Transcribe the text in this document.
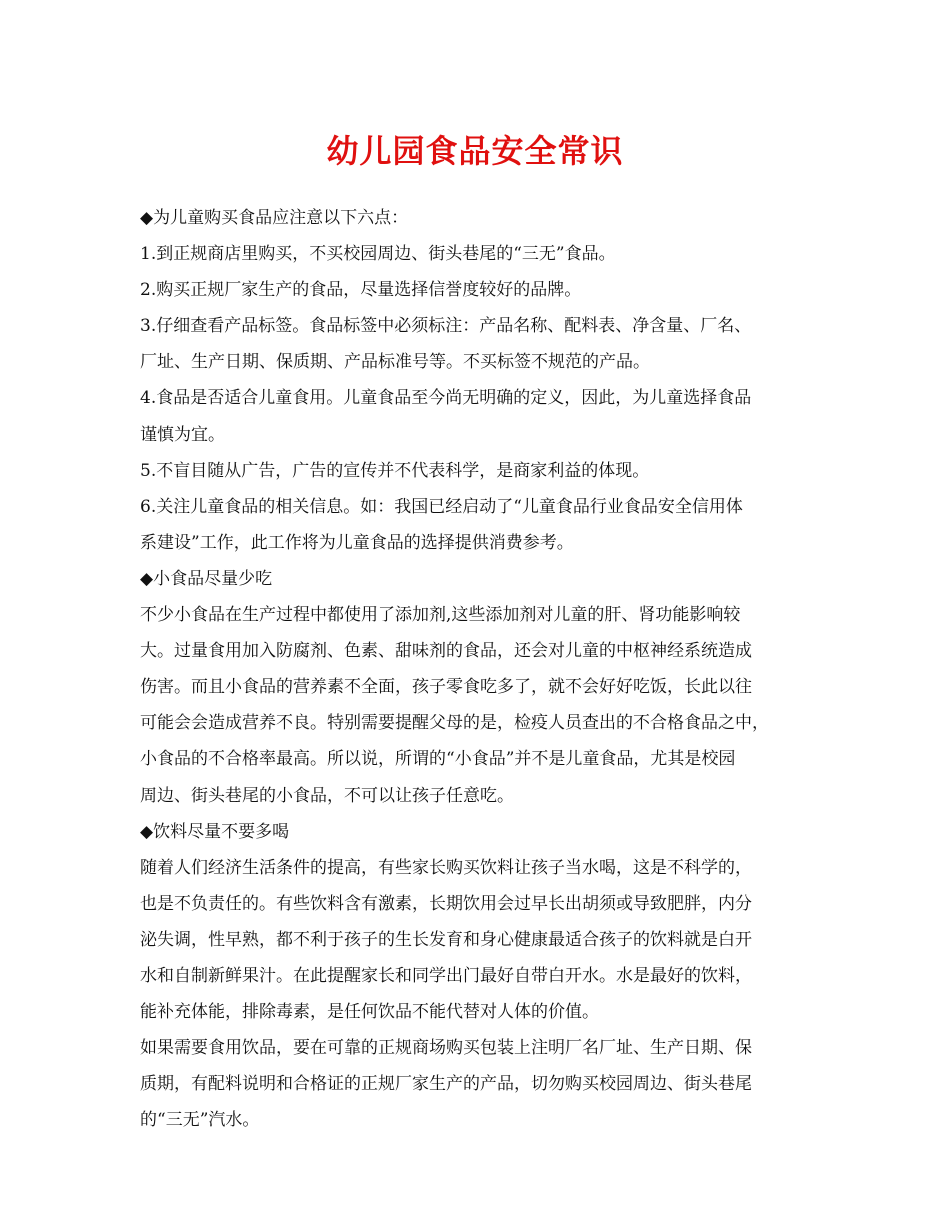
幼儿园食品安全常识

◆为儿童购买食品应注意以下六点：

1.到正规商店里购买，不买校园周边、街头巷尾的“三无”食品。

2.购买正规厂家生产的食品，尽量选择信誉度较好的品牌。

3.仔细查看产品标签。食品标签中必须标注：产品名称、配料表、净含量、厂名、

厂址、生产日期、保质期、产品标准号等。不买标签不规范的产品。

4.食品是否适合儿童食用。儿童食品至今尚无明确的定义，因此，为儿童选择食品

谨慎为宜。

5.不盲目随从广告，广告的宣传并不代表科学，是商家利益的体现。

6.关注儿童食品的相关信息。如：我国已经启动了“儿童食品行业食品安全信用体

系建设”工作，此工作将为儿童食品的选择提供消费参考。

◆小食品尽量少吃

不少小食品在生产过程中都使用了添加剂,这些添加剂对儿童的肝、肾功能影响较

大。过量食用加入防腐剂、色素、甜味剂的食品，还会对儿童的中枢神经系统造成

伤害。而且小食品的营养素不全面，孩子零食吃多了，就不会好好吃饭，长此以往

可能会会造成营养不良。特别需要提醒父母的是，检疫人员查出的不合格食品之中，

小食品的不合格率最高。所以说，所谓的“小食品”并不是儿童食品，尤其是校园

周边、街头巷尾的小食品，不可以让孩子任意吃。

◆饮料尽量不要多喝

随着人们经济生活条件的提高，有些家长购买饮料让孩子当水喝，这是不科学的，

也是不负责任的。有些饮料含有激素，长期饮用会过早长出胡须或导致肥胖，内分

泌失调，性早熟，都不利于孩子的生长发育和身心健康最适合孩子的饮料就是白开

水和自制新鲜果汁。在此提醒家长和同学出门最好自带白开水。水是最好的饮料，

能补充体能，排除毒素，是任何饮品不能代替对人体的价值。

如果需要食用饮品，要在可靠的正规商场购买包装上注明厂名厂址、生产日期、保

质期，有配料说明和合格证的正规厂家生产的产品，切勿购买校园周边、街头巷尾

的“三无”汽水。
